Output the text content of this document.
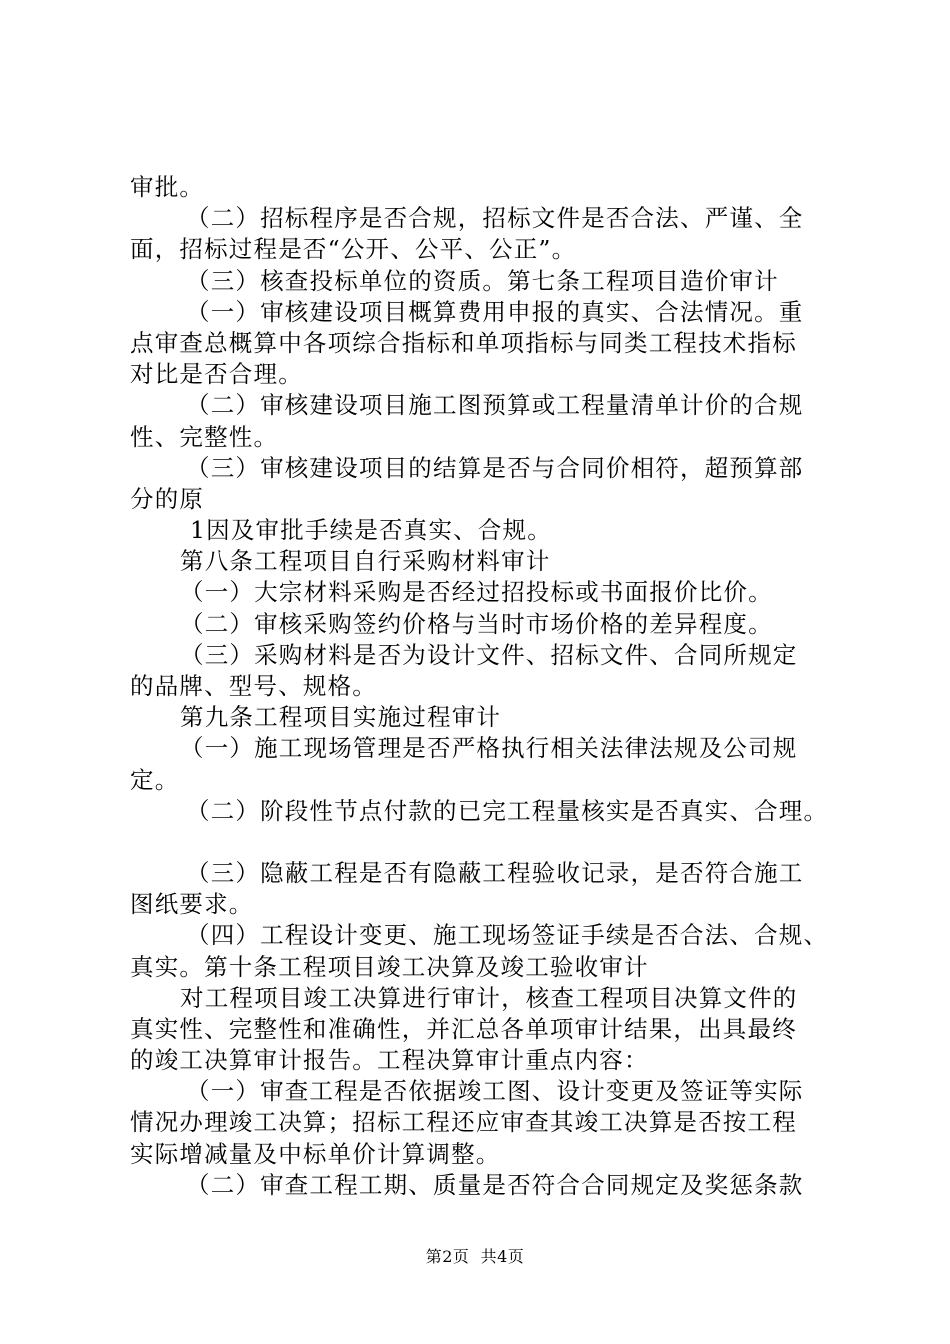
审批。
（二）招标程序是否合规，招标文件是否合法、严谨、全
面，招标过程是否“公开、公平、公正”。
（三）核查投标单位的资质。第七条工程项目造价审计
（一）审核建设项目概算费用申报的真实、合法情况。重
点审查总概算中各项综合指标和单项指标与同类工程技术指标
对比是否合理。
（二）审核建设项目施工图预算或工程量清单计价的合规
性、完整性。
（三）审核建设项目的结算是否与合同价相符，超预算部
分的原
1因及审批手续是否真实、合规。
第八条工程项目自行采购材料审计
（一）大宗材料采购是否经过招投标或书面报价比价。
（二）审核采购签约价格与当时市场价格的差异程度。
（三）采购材料是否为设计文件、招标文件、合同所规定
的品牌、型号、规格。
第九条工程项目实施过程审计
（一）施工现场管理是否严格执行相关法律法规及公司规
定。
（二）阶段性节点付款的已完工程量核实是否真实、合理。
（三）隐蔽工程是否有隐蔽工程验收记录，是否符合施工
图纸要求。
（四）工程设计变更、施工现场签证手续是否合法、合规、
真实。第十条工程项目竣工决算及竣工验收审计
对工程项目竣工决算进行审计，核查工程项目决算文件的
真实性、完整性和准确性，并汇总各单项审计结果，出具最终
的竣工决算审计报告。工程决算审计重点内容：
（一）审查工程是否依据竣工图、设计变更及签证等实际
情况办理竣工决算；招标工程还应审查其竣工决算是否按工程
实际增减量及中标单价计算调整。
（二）审查工程工期、质量是否符合合同规定及奖惩条款
第2页  共4页
